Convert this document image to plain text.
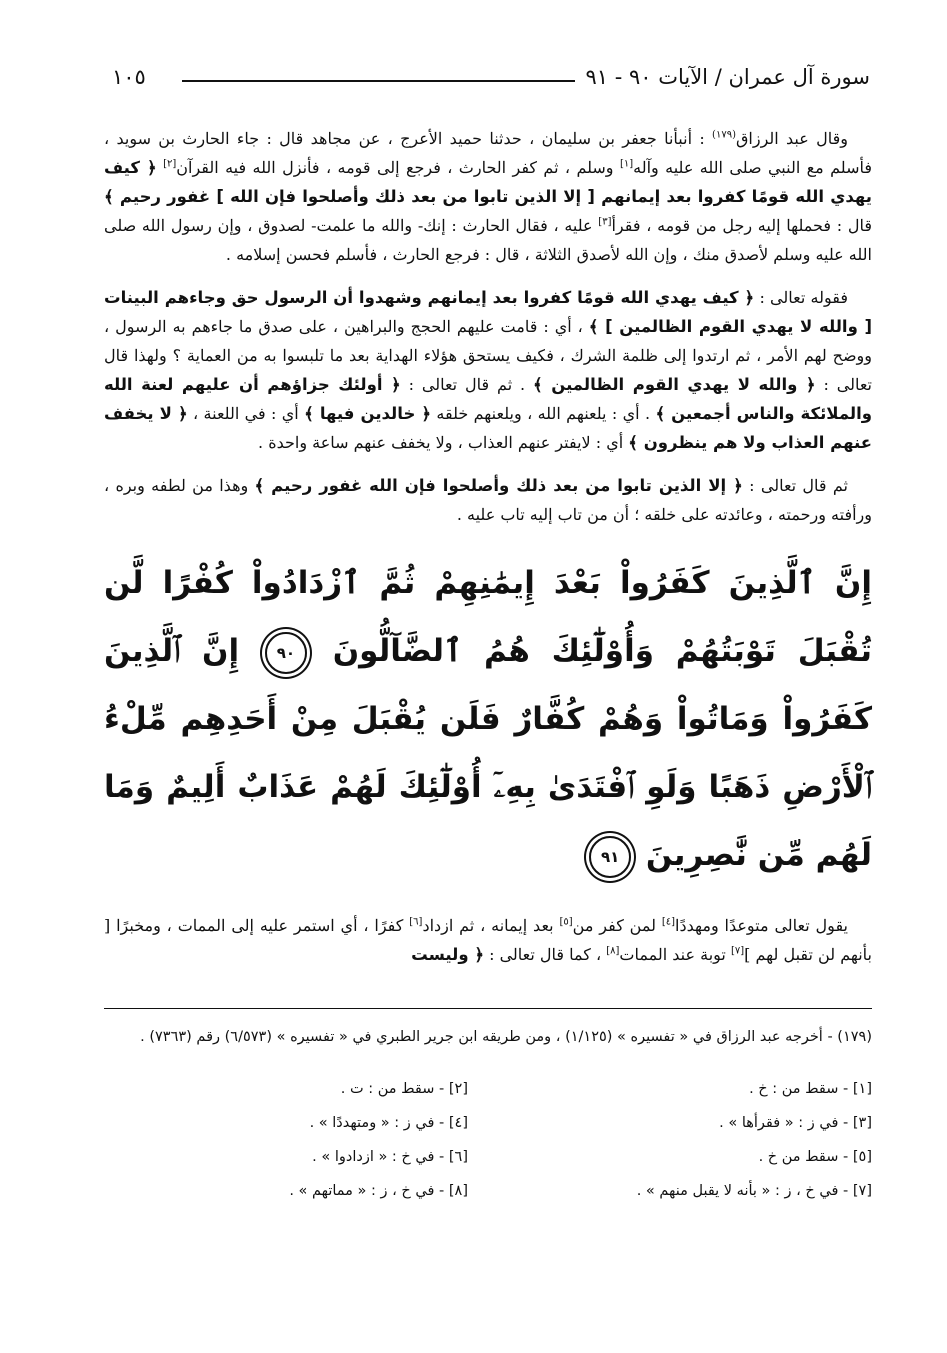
١٠٥	سورة آل عمران / الآيات ٩٠ - ٩١

وقال عبد الرزاق$^{(١٧٩)}$ : أنبأنا جعفر بن سليمان ، حدثنا حميد الأعرج ، عن مجاهد قال : جاء الحارث بن سويد ، فأسلم مع النبي صلى الله عليه وآله[١] وسلم ، ثم كفر الحارث ، فرجع إلى قومه ، فأنزل الله فيه القرآن[٢] ﴿ كيف يهدي الله قومًا كفروا بعد إيمانهم [ إلا الذين تابوا من بعد ذلك وأصلحوا فإن الله ] غفور رحيم ﴾ قال : فحملها إليه رجل من قومه ، فقرأ[٣] عليه ، فقال الحارث : إنك- والله ما علمت- لصدوق ، وإن رسول الله صلى الله عليه وسلم لأصدق منك ، وإن الله لأصدق الثلاثة ، قال : فرجع الحارث ، فأسلم فحسن إسلامه .

فقوله تعالى : ﴿ كيف يهدي الله قومًا كفروا بعد إيمانهم وشهدوا أن الرسول حق وجاءهم البينات [ والله لا يهدي القوم الظالمين ] ﴾ ، أي : قامت عليهم الحجج والبراهين ، على صدق ما جاءهم به الرسول ، ووضح لهم الأمر ، ثم ارتدوا إلى ظلمة الشرك ، فكيف يستحق هؤلاء الهداية بعد ما تلبسوا به من العماية ؟ ولهذا قال تعالى : ﴿ والله لا يهدي القوم الظالمين ﴾ . ثم قال تعالى : ﴿ أولئك جزاؤهم أن عليهم لعنة الله والملائكة والناس أجمعين ﴾ . أي : يلعنهم الله ، ويلعنهم خلقه ﴿ خالدين فيها ﴾ أي : في اللعنة ، ﴿ لا يخفف عنهم العذاب ولا هم ينظرون ﴾ أي : لايفتر عنهم العذاب ، ولا يخفف عنهم ساعة واحدة .

ثم قال تعالى : ﴿ إلا الذين تابوا من بعد ذلك وأصلحوا فإن الله غفور رحيم ﴾ وهذا من لطفه وبره ، ورأفته ورحمته ، وعائدته على خلقه ؛ أن من تاب إليه تاب عليه .

إِنَّ ٱلَّذِينَ كَفَرُواْ بَعْدَ إِيمَٰنِهِمْ ثُمَّ ٱزْدَادُواْ كُفْرًا لَّن تُقْبَلَ تَوْبَتُهُمْ وَأُوْلَٰٓئِكَ هُمُ ٱلضَّآلُّونَ ٩٠ إِنَّ ٱلَّذِينَ كَفَرُواْ وَمَاتُواْ وَهُمْ كُفَّارٌ فَلَن يُقْبَلَ مِنْ أَحَدِهِم مِّلْءُ ٱلْأَرْضِ ذَهَبًا وَلَوِ ٱفْتَدَىٰ بِهِۦٓ أُوْلَٰٓئِكَ لَهُمْ عَذَابٌ أَلِيمٌ وَمَا لَهُم مِّن نَّٰصِرِينَ ٩١

يقول تعالى متوعدًا ومهددًا[٤] لمن كفر من[٥] بعد إيمانه ، ثم ازداد[٦] كفرًا ، أي استمر عليه إلى الممات ، ومخبرًا [ بأنهم لن تقبل لهم ][٧] توبة عند الممات[٨] ، كما قال تعالى : ﴿ وليست

(١٧٩) - أخرجه عبد الرزاق في « تفسيره » (١/١٢٥) ، ومن طريقه ابن جرير الطبري في « تفسيره » (٦/٥٧٣) رقم (٧٣٦٣) .

[١] - سقط من : خ .
[٢] - سقط من : ت .
[٣] - في ز : « فقرأها » .
[٤] - في ز : « ومتهددًا » .
[٥] - سقط من خ .
[٦] - في خ : « ازدادوا » .
[٧] - في خ ، ز : « بأنه لا يقبل منهم » .
[٨] - في خ ، ز : « مماتهم » .
